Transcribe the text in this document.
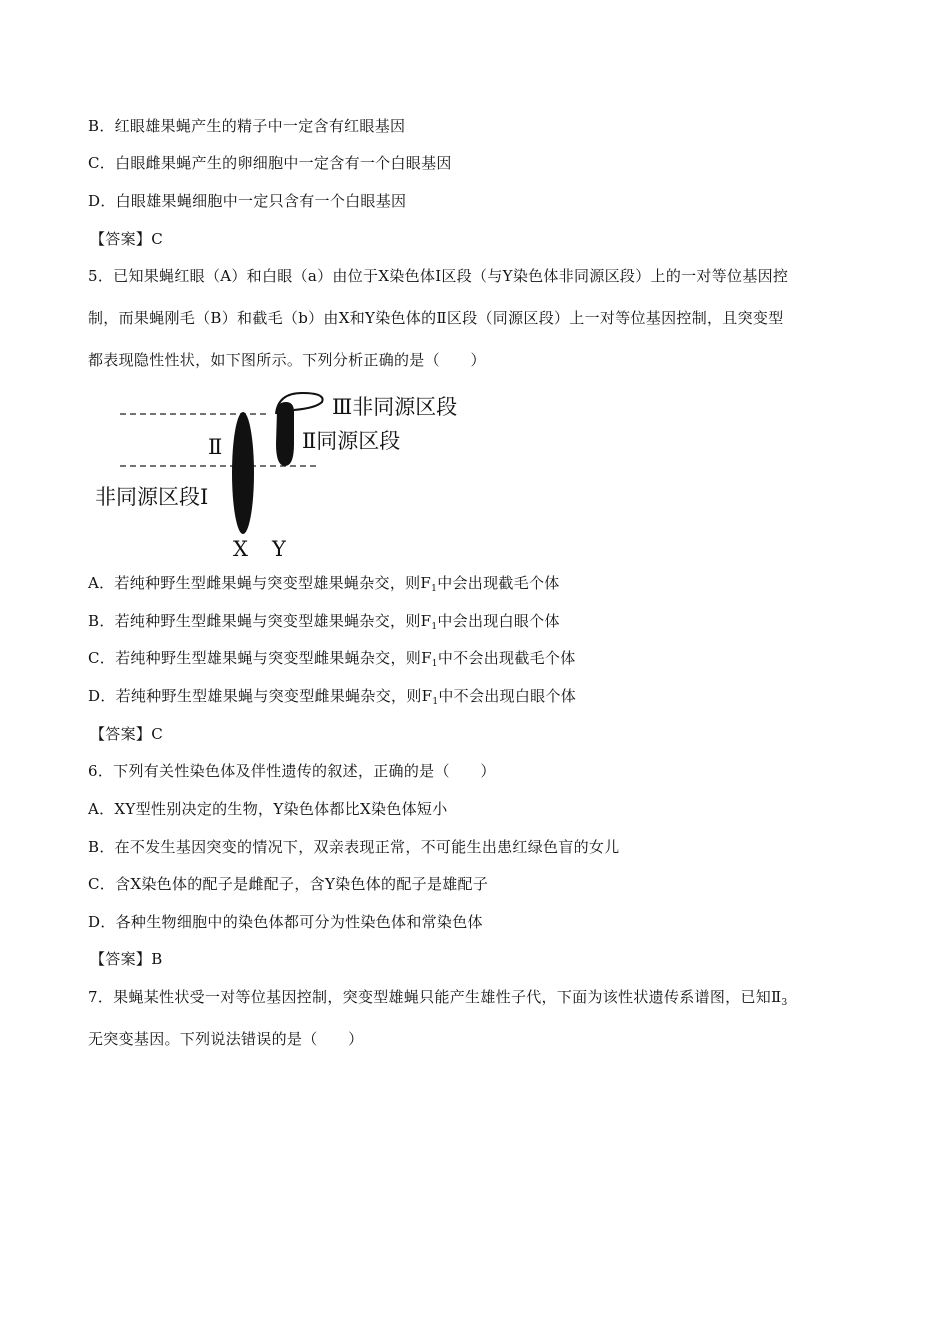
B．红眼雄果蝇产生的精子中一定含有红眼基因
C．白眼雌果蝇产生的卵细胞中一定含有一个白眼基因
D．白眼雄果蝇细胞中一定只含有一个白眼基因
【答案】C
5．已知果蝇红眼（A）和白眼（a）由位于X染色体Ⅰ区段（与Y染色体非同源区段）上的一对等位基因控
制，而果蝇刚毛（B）和截毛（b）由X和Y染色体的Ⅱ区段（同源区段）上一对等位基因控制，且突变型
都表现隐性性状，如下图所示。下列分析正确的是（　　）
Ⅲ非同源区段
Ⅱ同源区段
Ⅱ
非同源区段Ⅰ
X Y
A．若纯种野生型雌果蝇与突变型雄果蝇杂交，则$F_1$中会出现截毛个体
B．若纯种野生型雌果蝇与突变型雄果蝇杂交，则$F_1$中会出现白眼个体
C．若纯种野生型雄果蝇与突变型雌果蝇杂交，则$F_1$中不会出现截毛个体
D．若纯种野生型雄果蝇与突变型雌果蝇杂交，则$F_1$中不会出现白眼个体
【答案】C
6．下列有关性染色体及伴性遗传的叙述，正确的是（　　）
A．XY型性别决定的生物，Y染色体都比X染色体短小
B．在不发生基因突变的情况下，双亲表现正常，不可能生出患红绿色盲的女儿
C．含X染色体的配子是雌配子，含Y染色体的配子是雄配子
D．各种生物细胞中的染色体都可分为性染色体和常染色体
【答案】B
7．果蝇某性状受一对等位基因控制，突变型雄蝇只能产生雄性子代，下面为该性状遗传系谱图，已知$Ⅱ_3$
无突变基因。下列说法错误的是（　　）
